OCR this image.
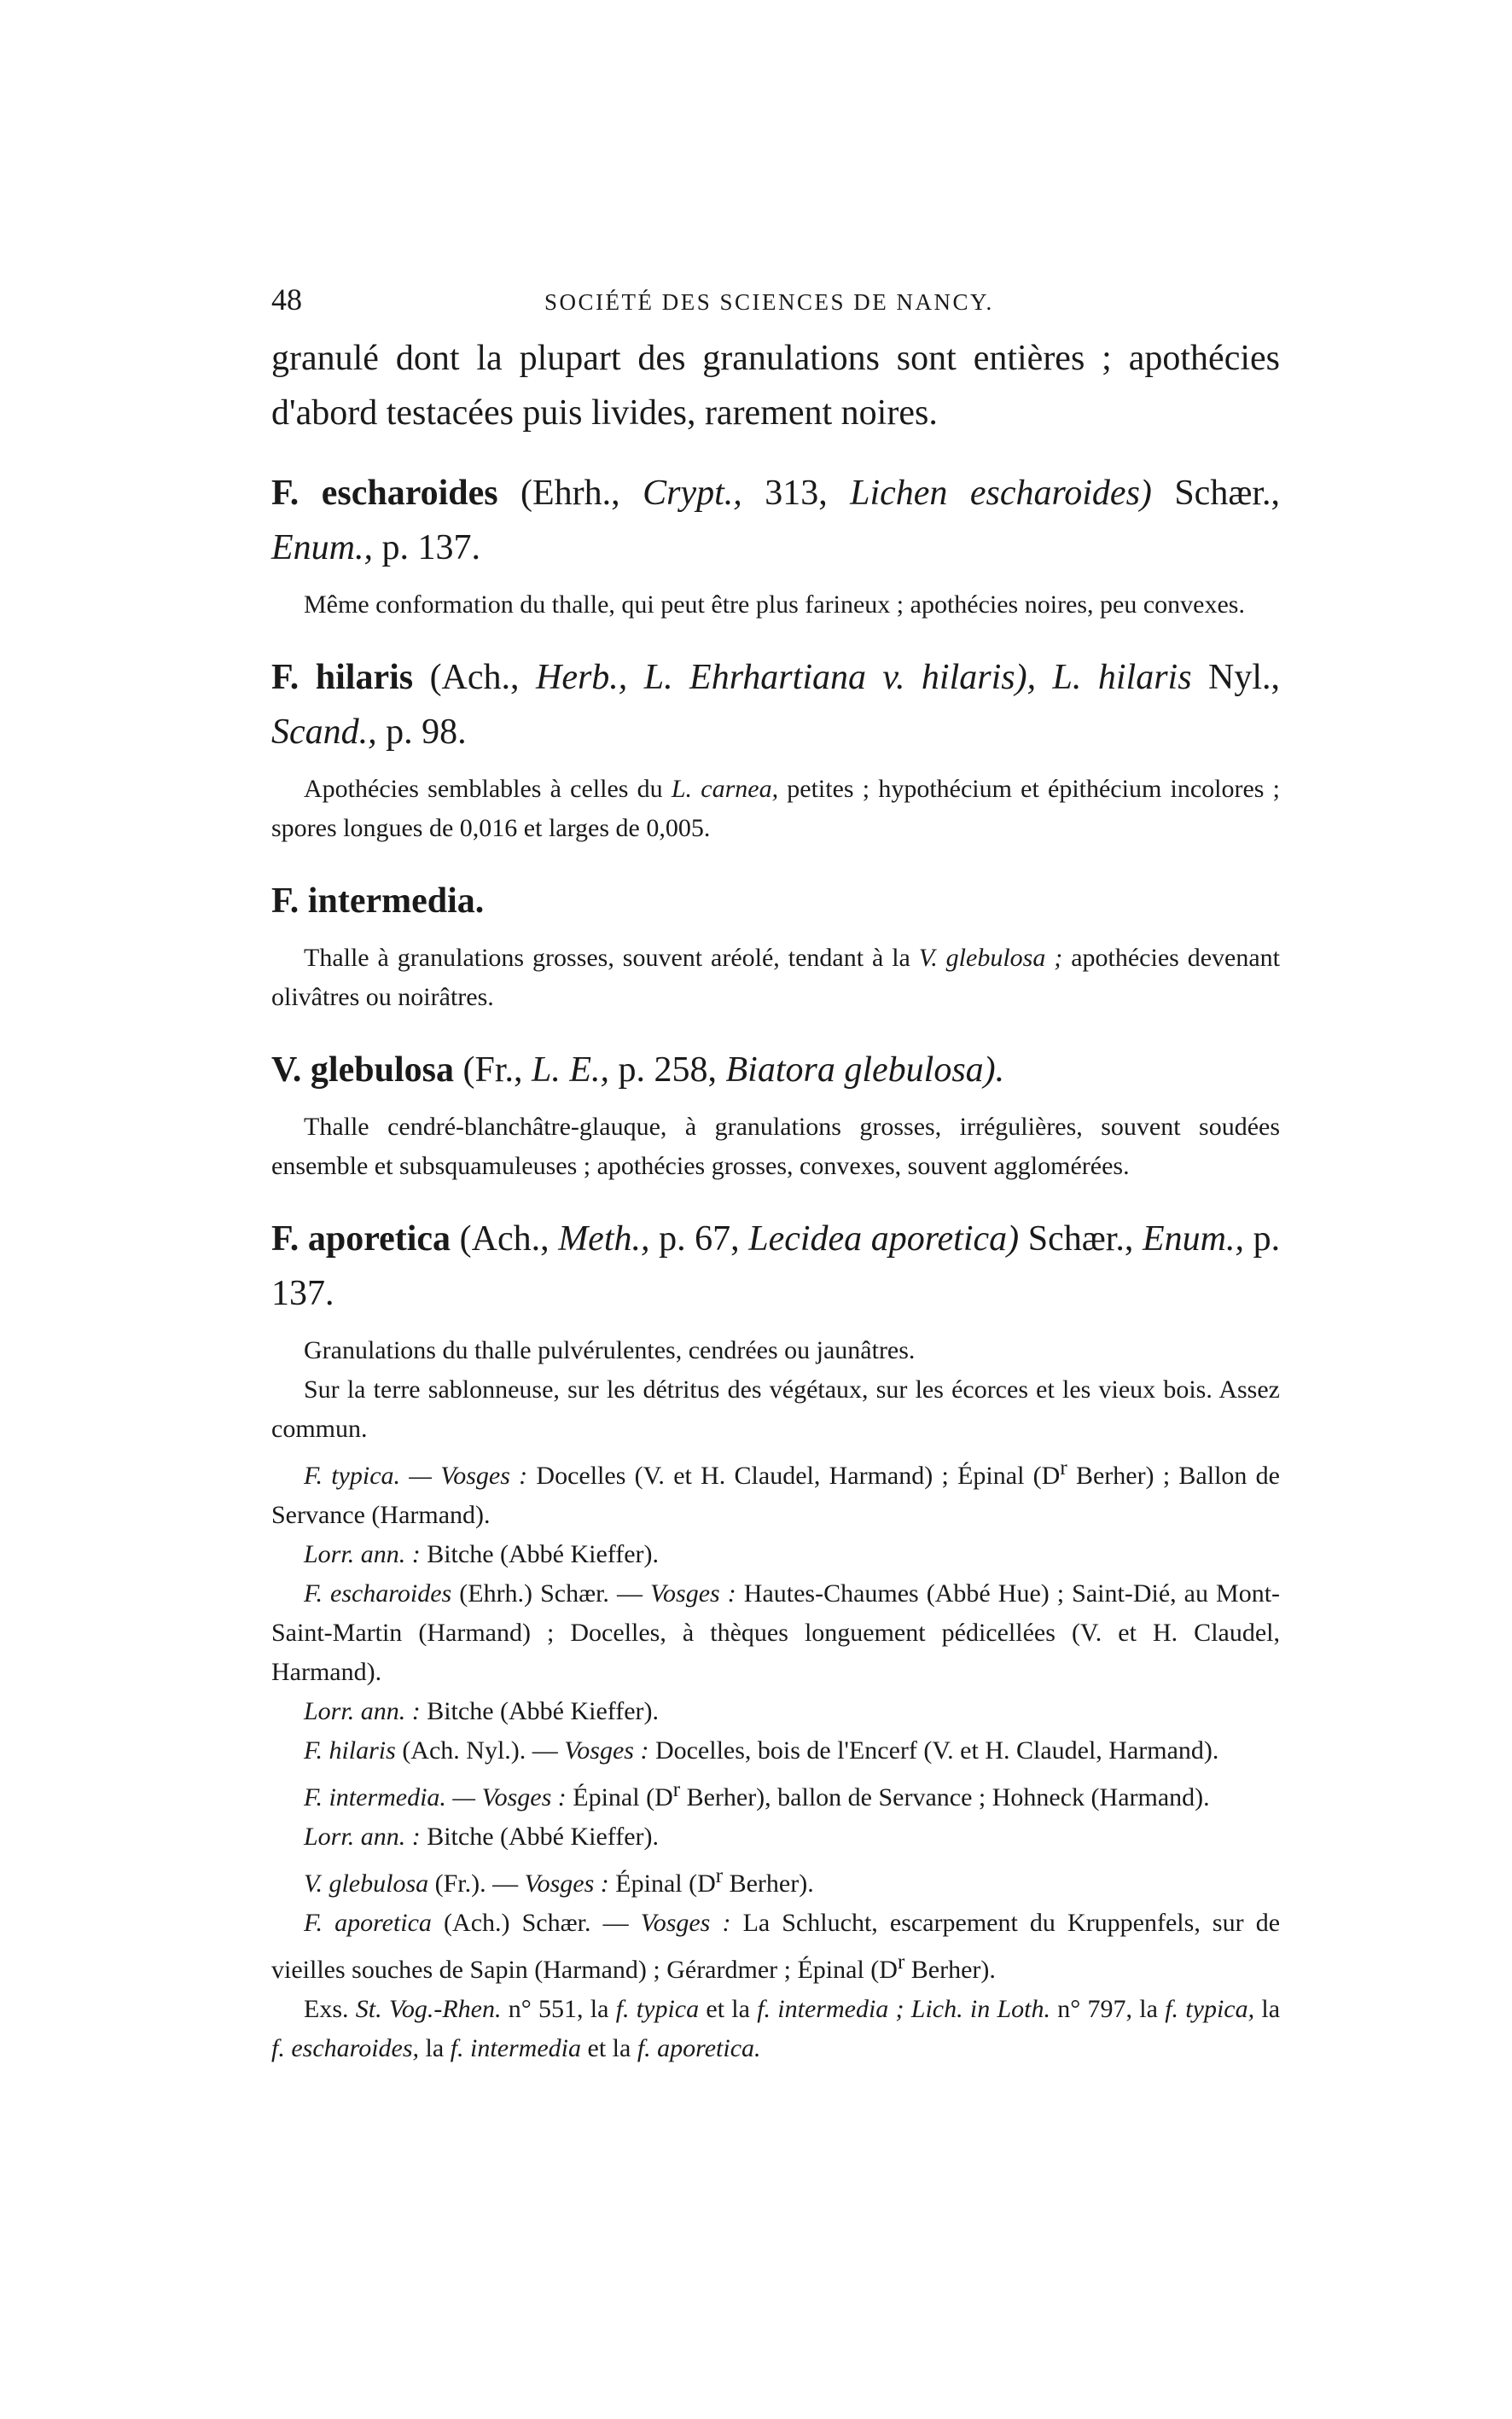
48	SOCIÉTÉ DES SCIENCES DE NANCY.

granulé dont la plupart des granulations sont entières ; apothécies d'abord testacées puis livides, rarement noires.

F. escharoides (Ehrh., Crypt., 313, Lichen escharoides) Schær., Enum., p. 137.

Même conformation du thalle, qui peut être plus farineux ; apothécies noires, peu convexes.

F. hilaris (Ach., Herb., L. Ehrhartiana v. hilaris), L. hilaris Nyl., Scand., p. 98.

Apothécies semblables à celles du L. carnea, petites ; hypothécium et épithécium incolores ; spores longues de 0,016 et larges de 0,005.

F. intermedia.

Thalle à granulations grosses, souvent aréolé, tendant à la V. glebulosa ; apothécies devenant olivâtres ou noirâtres.

V. glebulosa (Fr., L. E., p. 258, Biatora glebulosa).

Thalle cendré-blanchâtre-glauque, à granulations grosses, irrégulières, souvent soudées ensemble et subsquamuleuses ; apothécies grosses, convexes, souvent agglomérées.

F. aporetica (Ach., Meth., p. 67, Lecidea aporetica) Schær., Enum., p. 137.

Granulations du thalle pulvérulentes, cendrées ou jaunâtres.

Sur la terre sablonneuse, sur les détritus des végétaux, sur les écorces et les vieux bois. Assez commun.

F. typica. — Vosges : Docelles (V. et H. Claudel, Harmand) ; Épinal ($D^r$ Berher) ; Ballon de Servance (Harmand).

Lorr. ann. : Bitche (Abbé Kieffer).

F. escharoides (Ehrh.) Schær. — Vosges : Hautes-Chaumes (Abbé Hue) ; Saint-Dié, au Mont-Saint-Martin (Harmand) ; Docelles, à thèques longuement pédicellées (V. et H. Claudel, Harmand).

Lorr. ann. : Bitche (Abbé Kieffer).

F. hilaris (Ach. Nyl.). — Vosges : Docelles, bois de l'Encerf (V. et H. Claudel, Harmand).

F. intermedia. — Vosges : Épinal ($D^r$ Berher), ballon de Servance ; Hohneck (Harmand).

Lorr. ann. : Bitche (Abbé Kieffer).

V. glebulosa (Fr.). — Vosges : Épinal ($D^r$ Berher).

F. aporetica (Ach.) Schær. — Vosges : La Schlucht, escarpement du Kruppenfels, sur de vieilles souches de Sapin (Harmand) ; Gérardmer ; Épinal ($D^r$ Berher).

Exs. St. Vog.-Rhen. n° 551, la f. typica et la f. intermedia ; Lich. in Loth. n° 797, la f. typica, la f. escharoides, la f. intermedia et la f. aporetica.
